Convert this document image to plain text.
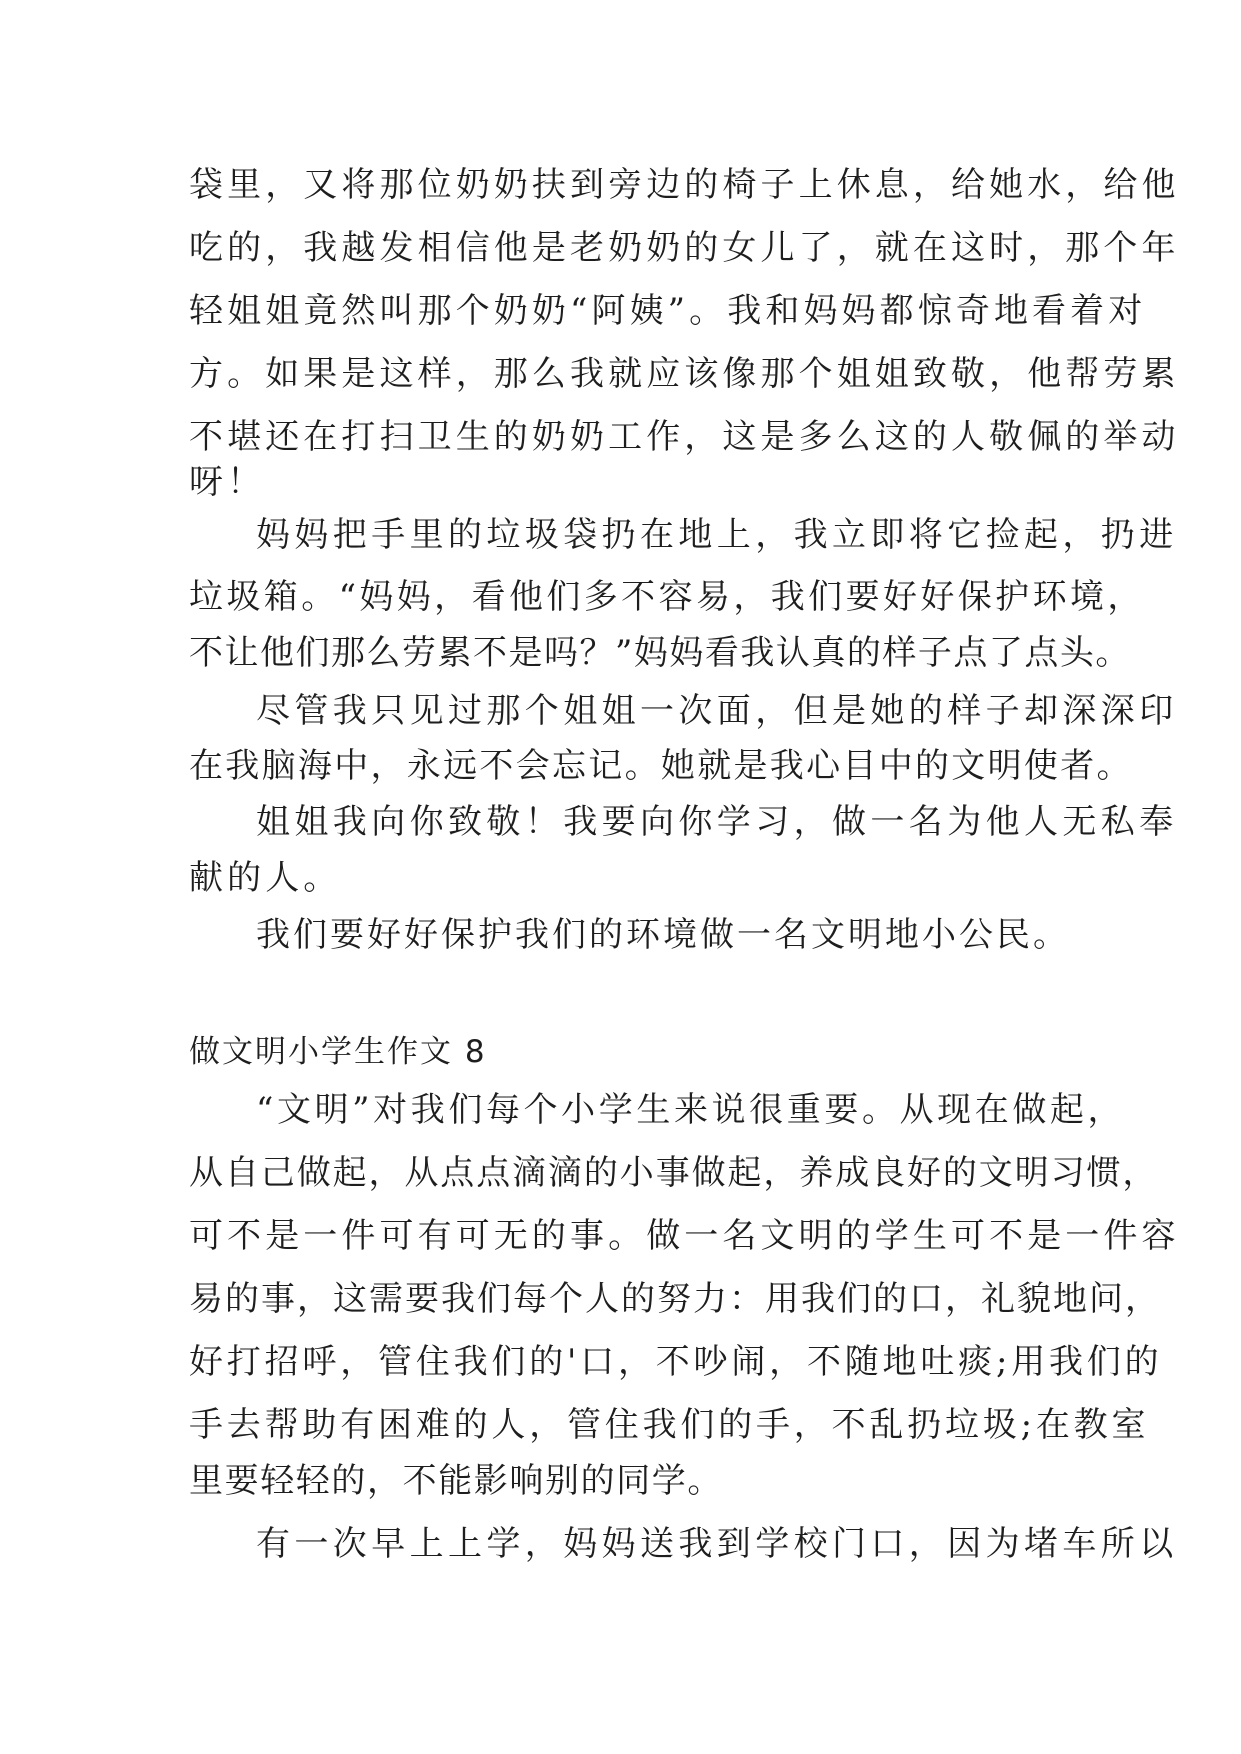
袋里，又将那位奶奶扶到旁边的椅子上休息，给她水，给他
吃的，我越发相信他是老奶奶的女儿了，就在这时，那个年
轻姐姐竟然叫那个奶奶“阿姨”。我和妈妈都惊奇地看着对
方。如果是这样，那么我就应该像那个姐姐致敬，他帮劳累
不堪还在打扫卫生的奶奶工作，这是多么这的人敬佩的举动
呀！
妈妈把手里的垃圾袋扔在地上，我立即将它捡起，扔进
垃圾箱。“妈妈，看他们多不容易，我们要好好保护环境，
不让他们那么劳累不是吗？”妈妈看我认真的样子点了点头。
尽管我只见过那个姐姐一次面，但是她的样子却深深印
在我脑海中，永远不会忘记。她就是我心目中的文明使者。
姐姐我向你致敬！我要向你学习，做一名为他人无私奉
献的人。
我们要好好保护我们的环境做一名文明地小公民。
做文明小学生作文 8
“文明”对我们每个小学生来说很重要。从现在做起，
从自己做起，从点点滴滴的小事做起，养成良好的文明习惯，
可不是一件可有可无的事。做一名文明的学生可不是一件容
易的事，这需要我们每个人的努力：用我们的口，礼貌地问，
好打招呼，管住我们的'口，不吵闹，不随地吐痰;用我们的
手去帮助有困难的人，管住我们的手，不乱扔垃圾;在教室
里要轻轻的，不能影响别的同学。
有一次早上上学，妈妈送我到学校门口，因为堵车所以
